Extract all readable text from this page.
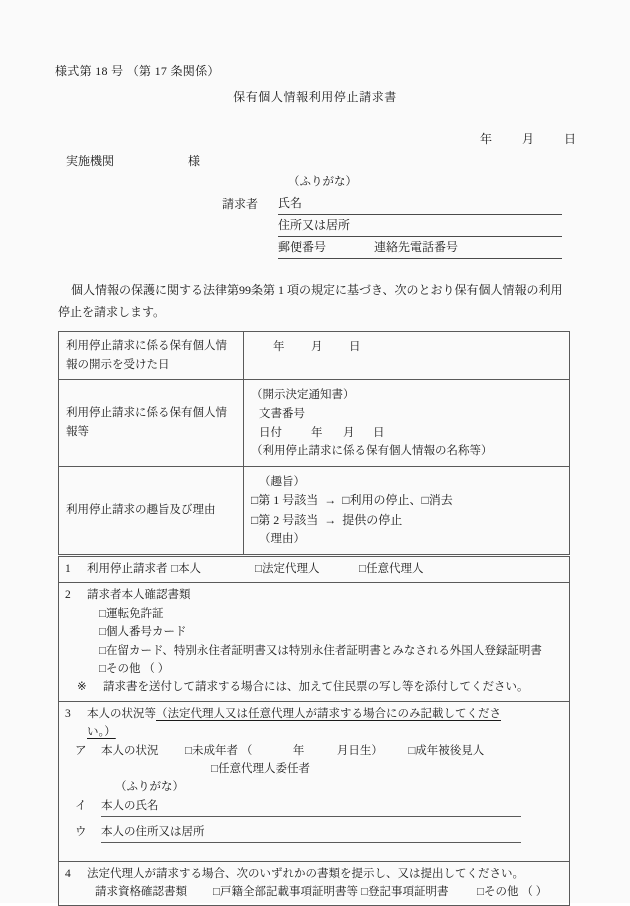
様式第 18 号 （第 17 条関係）
保有個人情報利用停止請求書
年 月 日
実施機関	様
（ふりがな）
請求者	氏名
住所又は居所
郵便番号	連絡先電話番号
個人情報の保護に関する法律第99条第 1 項の規定に基づき、次のとおり保有個人情報の利用
停止を請求します。
利用停止請求に係る保有個人情報の開示を受けた日	年 月 日

利用停止請求に係る保有個人情報等	（開示決定通知書）
文書番号
日付 年 月 日
（利用停止請求に係る保有個人情報の名称等）

利用停止請求の趣旨及び理由	（趣旨）
□第 1 号該当 → □利用の停止、□消去
□第 2 号該当 → 提供の停止
（理由）
1 利用停止請求者 □本人	□法定代理人	□任意代理人

2 請求者本人確認書類
□運転免許証
□個人番号カード
□在留カード、特別永住者証明書又は特別永住者証明書とみなされる外国人登録証明書
□その他 （ ）
※ 請求書を送付して請求する場合には、加えて住民票の写し等を添付してください。

3 本人の状況等（法定代理人又は任意代理人が請求する場合にのみ記載してくださ
い。）
ア 本人の状況 □未成年者 （	年	月日生） □成年被後見人
□任意代理人委任者
（ふりがな）
イ 本人の氏名
ウ 本人の住所又は居所

4 法定代理人が請求する場合、次のいずれかの書類を提示し、又は提出してください。
請求資格確認書類 □戸籍全部記載事項証明書等 □登記事項証明書 □その他 （ ）
